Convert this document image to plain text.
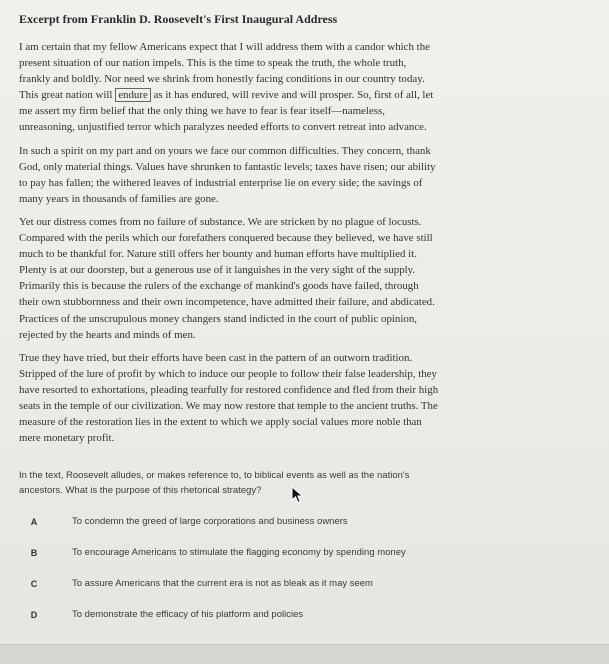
Excerpt from Franklin D. Roosevelt's First Inaugural Address

I am certain that my fellow Americans expect that I will address them with a candor which the present situation of our nation impels. This is the time to speak the truth, the whole truth, frankly and boldly. Nor need we shrink from honestly facing conditions in our country today. This great nation will endure as it has endured, will revive and will prosper. So, first of all, let me assert my firm belief that the only thing we have to fear is fear itself—nameless, unreasoning, unjustified terror which paralyzes needed efforts to convert retreat into advance.

In such a spirit on my part and on yours we face our common difficulties. They concern, thank God, only material things. Values have shrunken to fantastic levels; taxes have risen; our ability to pay has fallen; the withered leaves of industrial enterprise lie on every side; the savings of many years in thousands of families are gone.

Yet our distress comes from no failure of substance. We are stricken by no plague of locusts. Compared with the perils which our forefathers conquered because they believed, we have still much to be thankful for. Nature still offers her bounty and human efforts have multiplied it. Plenty is at our doorstep, but a generous use of it languishes in the very sight of the supply. Primarily this is because the rulers of the exchange of mankind's goods have failed, through their own stubbornness and their own incompetence, have admitted their failure, and abdicated. Practices of the unscrupulous money changers stand indicted in the court of public opinion, rejected by the hearts and minds of men.

True they have tried, but their efforts have been cast in the pattern of an outworn tradition. Stripped of the lure of profit by which to induce our people to follow their false leadership, they have resorted to exhortations, pleading tearfully for restored confidence and fled from their high seats in the temple of our civilization. We may now restore that temple to the ancient truths. The measure of the restoration lies in the extent to which we apply social values more noble than mere monetary profit.

In the text, Roosevelt alludes, or makes reference to, to biblical events as well as the nation's ancestors. What is the purpose of this rhetorical strategy?

A	To condemn the greed of large corporations and business owners
B	To encourage Americans to stimulate the flagging economy by spending money
C	To assure Americans that the current era is not as bleak as it may seem
D	To demonstrate the efficacy of his platform and policies
